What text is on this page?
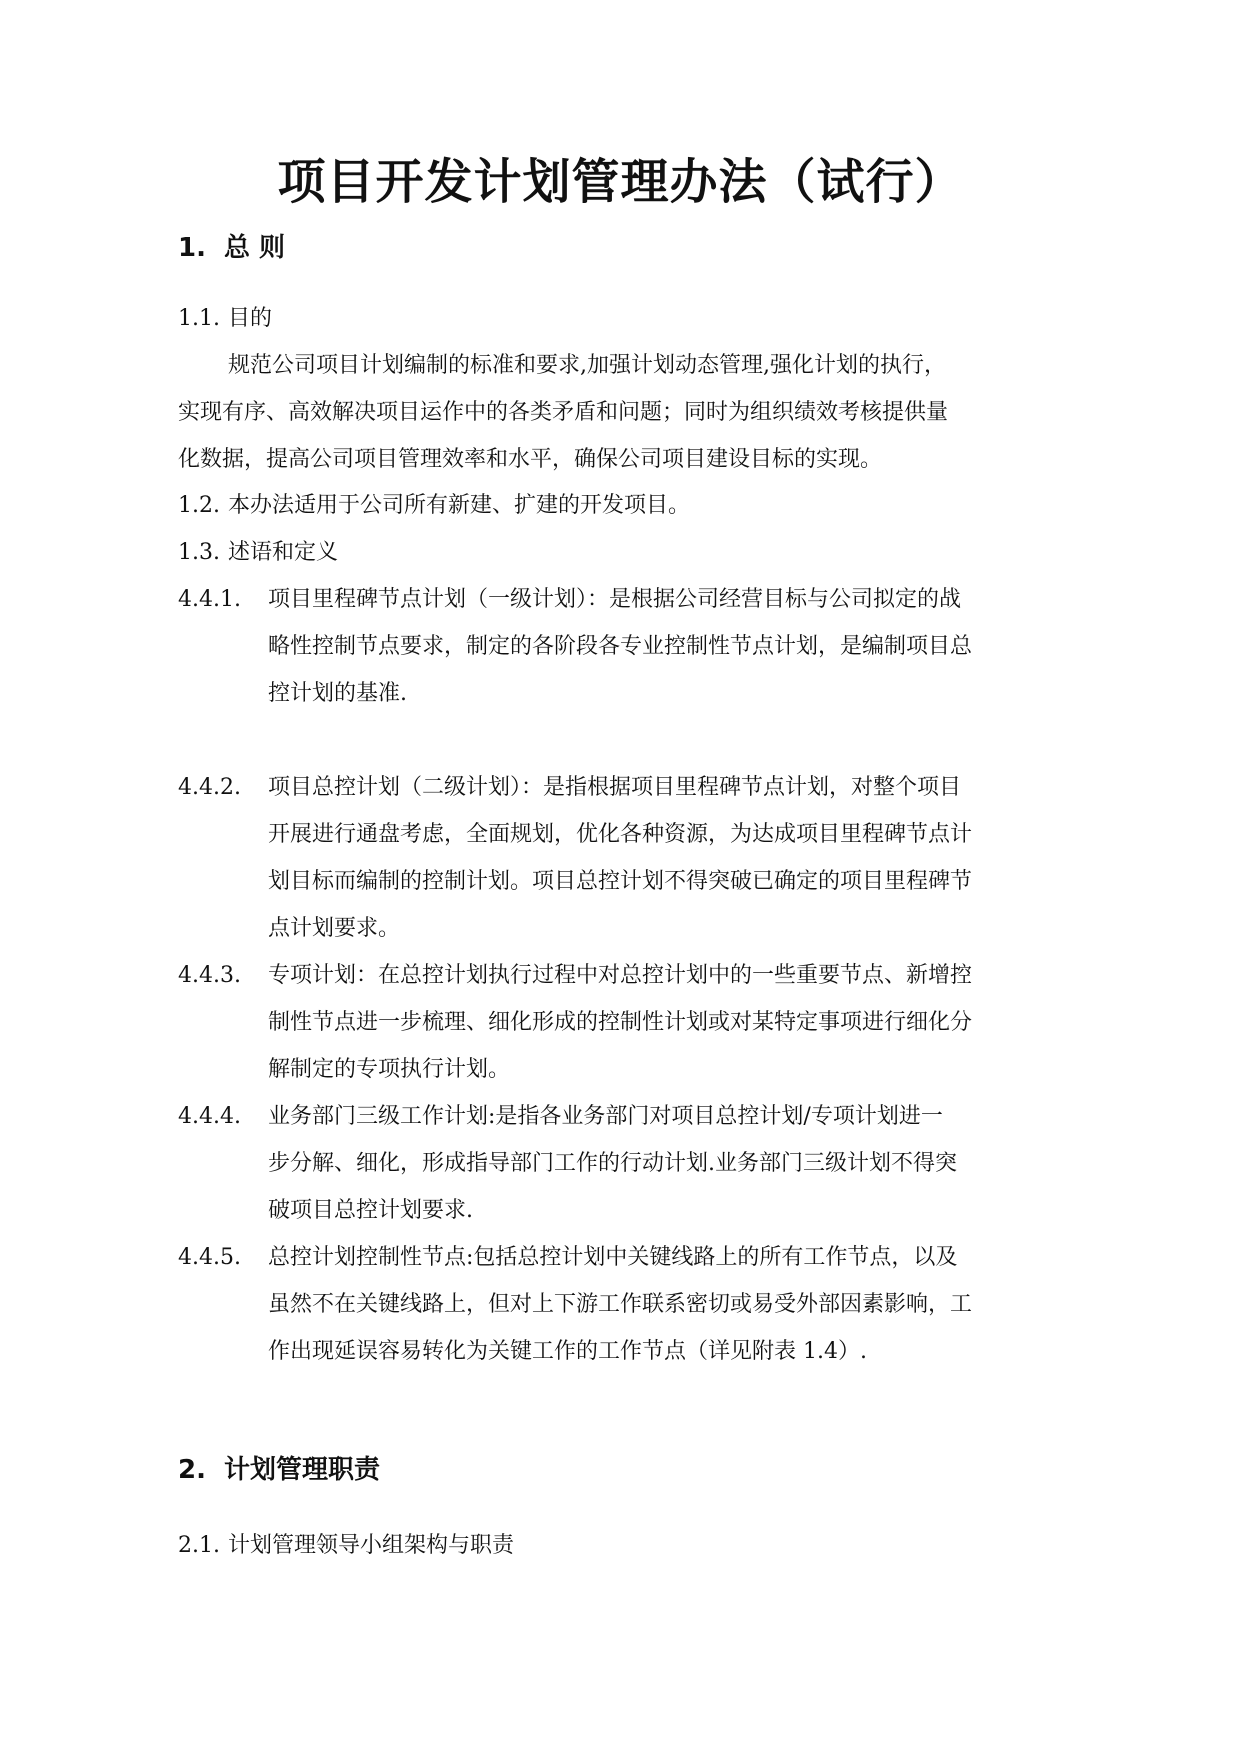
项目开发计划管理办法（试行）
1. 总 则
1.1. 目的
规范公司项目计划编制的标准和要求,加强计划动态管理,强化计划的执行，
实现有序、高效解决项目运作中的各类矛盾和问题；同时为组织绩效考核提供量
化数据，提高公司项目管理效率和水平，确保公司项目建设目标的实现。
1.2. 本办法适用于公司所有新建、扩建的开发项目。
1.3. 述语和定义
4.4.1. 项目里程碑节点计划（一级计划）：是根据公司经营目标与公司拟定的战
略性控制节点要求，制定的各阶段各专业控制性节点计划，是编制项目总
控计划的基准.
4.4.2. 项目总控计划（二级计划）：是指根据项目里程碑节点计划，对整个项目
开展进行通盘考虑，全面规划，优化各种资源，为达成项目里程碑节点计
划目标而编制的控制计划。项目总控计划不得突破已确定的项目里程碑节
点计划要求。
4.4.3. 专项计划：在总控计划执行过程中对总控计划中的一些重要节点、新增控
制性节点进一步梳理、细化形成的控制性计划或对某特定事项进行细化分
解制定的专项执行计划。
4.4.4. 业务部门三级工作计划:是指各业务部门对项目总控计划/专项计划进一
步分解、细化，形成指导部门工作的行动计划.业务部门三级计划不得突
破项目总控计划要求.
4.4.5. 总控计划控制性节点:包括总控计划中关键线路上的所有工作节点，以及
虽然不在关键线路上，但对上下游工作联系密切或易受外部因素影响，工
作出现延误容易转化为关键工作的工作节点（详见附表 1.4）.
2. 计划管理职责
2.1. 计划管理领导小组架构与职责
